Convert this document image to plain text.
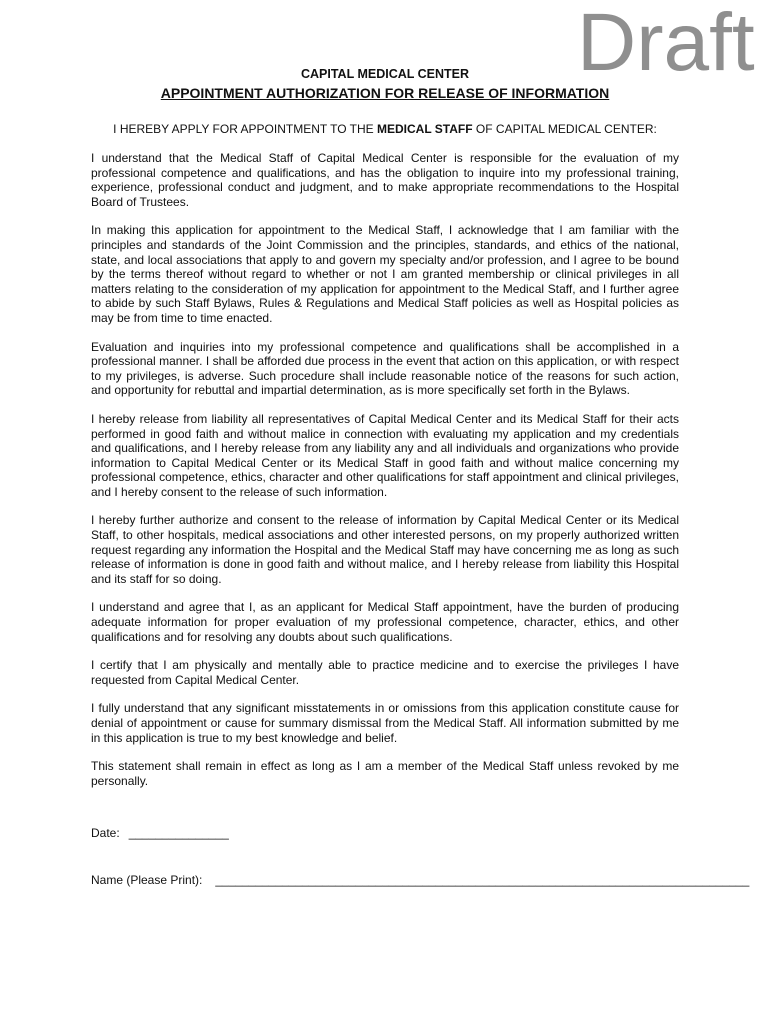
Draft

CAPITAL MEDICAL CENTER

APPOINTMENT AUTHORIZATION FOR RELEASE OF INFORMATION

I HEREBY APPLY FOR APPOINTMENT TO THE MEDICAL STAFF OF CAPITAL MEDICAL CENTER:

I understand that the Medical Staff of Capital Medical Center is responsible for the evaluation of my professional competence and qualifications, and has the obligation to inquire into my professional training, experience, professional conduct and judgment, and to make appropriate recommendations to the Hospital Board of Trustees.

In making this application for appointment to the Medical Staff, I acknowledge that I am familiar with the principles and standards of the Joint Commission and the principles, standards, and ethics of the national, state, and local associations that apply to and govern my specialty and/or profession, and I agree to be bound by the terms thereof without regard to whether or not I am granted membership or clinical privileges in all matters relating to the consideration of my application for appointment to the Medical Staff, and I further agree to abide by such Staff Bylaws, Rules & Regulations and Medical Staff policies as well as Hospital policies as may be from time to time enacted.

Evaluation and inquiries into my professional competence and qualifications shall be accomplished in a professional manner. I shall be afforded due process in the event that action on this application, or with respect to my privileges, is adverse. Such procedure shall include reasonable notice of the reasons for such action, and opportunity for rebuttal and impartial determination, as is more specifically set forth in the Bylaws.

I hereby release from liability all representatives of Capital Medical Center and its Medical Staff for their acts performed in good faith and without malice in connection with evaluating my application and my credentials and qualifications, and I hereby release from any liability any and all individuals and organizations who provide information to Capital Medical Center or its Medical Staff in good faith and without malice concerning my professional competence, ethics, character and other qualifications for staff appointment and clinical privileges, and I hereby consent to the release of such information.

I hereby further authorize and consent to the release of information by Capital Medical Center or its Medical Staff, to other hospitals, medical associations and other interested persons, on my properly authorized written request regarding any information the Hospital and the Medical Staff may have concerning me as long as such release of information is done in good faith and without malice, and I hereby release from liability this Hospital and its staff for so doing.

I understand and agree that I, as an applicant for Medical Staff appointment, have the burden of producing adequate information for proper evaluation of my professional competence, character, ethics, and other qualifications and for resolving any doubts about such qualifications.

I certify that I am physically and mentally able to practice medicine and to exercise the privileges I have requested from Capital Medical Center.

I fully understand that any significant misstatements in or omissions from this application constitute cause for denial of appointment or cause for summary dismissal from the Medical Staff. All information submitted by me in this application is true to my best knowledge and belief.

This statement shall remain in effect as long as I am a member of the Medical Staff unless revoked by me personally.

Date: _______________
Name (Please Print): ________________________________________________________________________________
